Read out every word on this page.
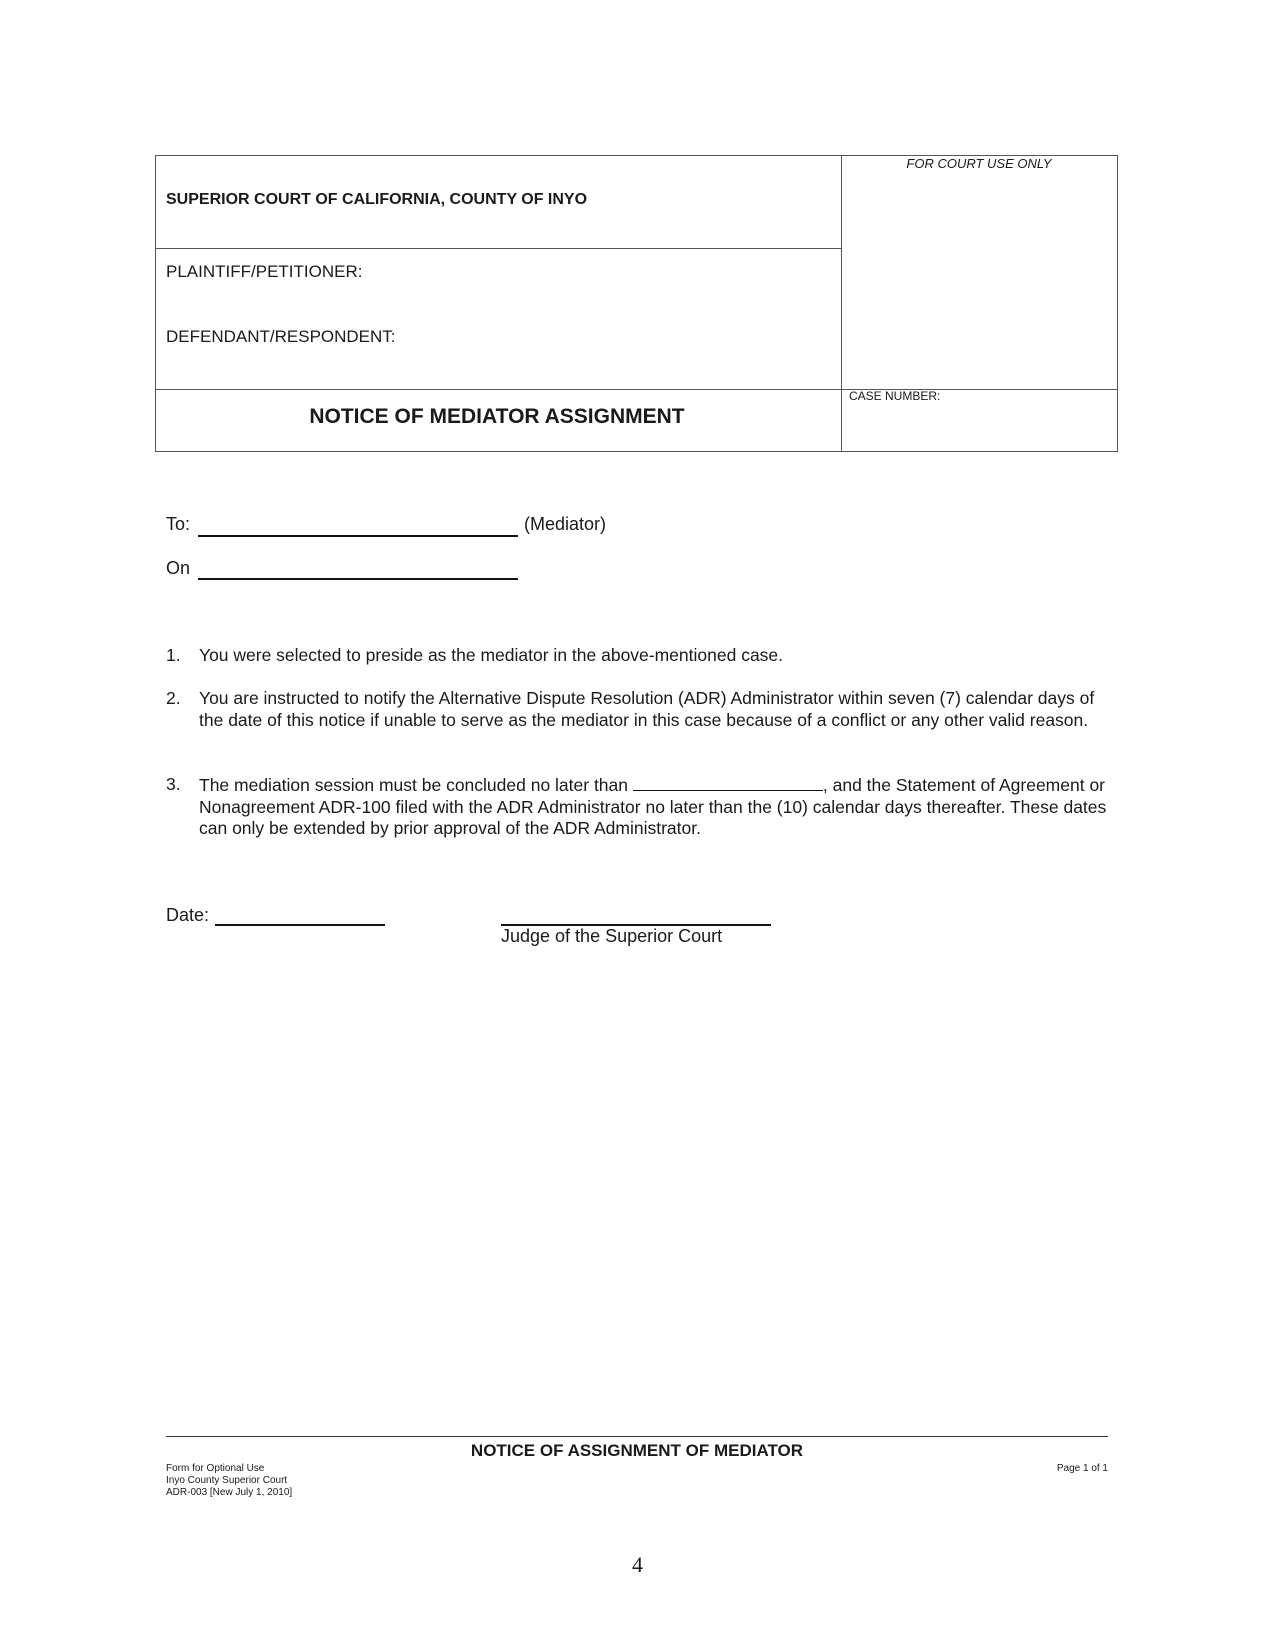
FOR COURT USE ONLY
SUPERIOR COURT OF CALIFORNIA, COUNTY OF INYO
PLAINTIFF/PETITIONER:
DEFENDANT/RESPONDENT:
CASE NUMBER:
NOTICE OF MEDIATOR ASSIGNMENT
To:	(Mediator)
On
1. You were selected to preside as the mediator in the above-mentioned case.
2. You are instructed to notify the Alternative Dispute Resolution (ADR) Administrator within seven (7) calendar days of the date of this notice if unable to serve as the mediator in this case because of a conflict or any other valid reason.
3. The mediation session must be concluded no later than	, and the Statement of Agreement or Nonagreement ADR-100 filed with the ADR Administrator no later than the (10) calendar days thereafter. These dates can only be extended by prior approval of the ADR Administrator.
Date:
Judge of the Superior Court
NOTICE OF ASSIGNMENT OF MEDIATOR
Form for Optional Use
Inyo County Superior Court
ADR-003 [New July 1, 2010]
Page 1 of 1
4
